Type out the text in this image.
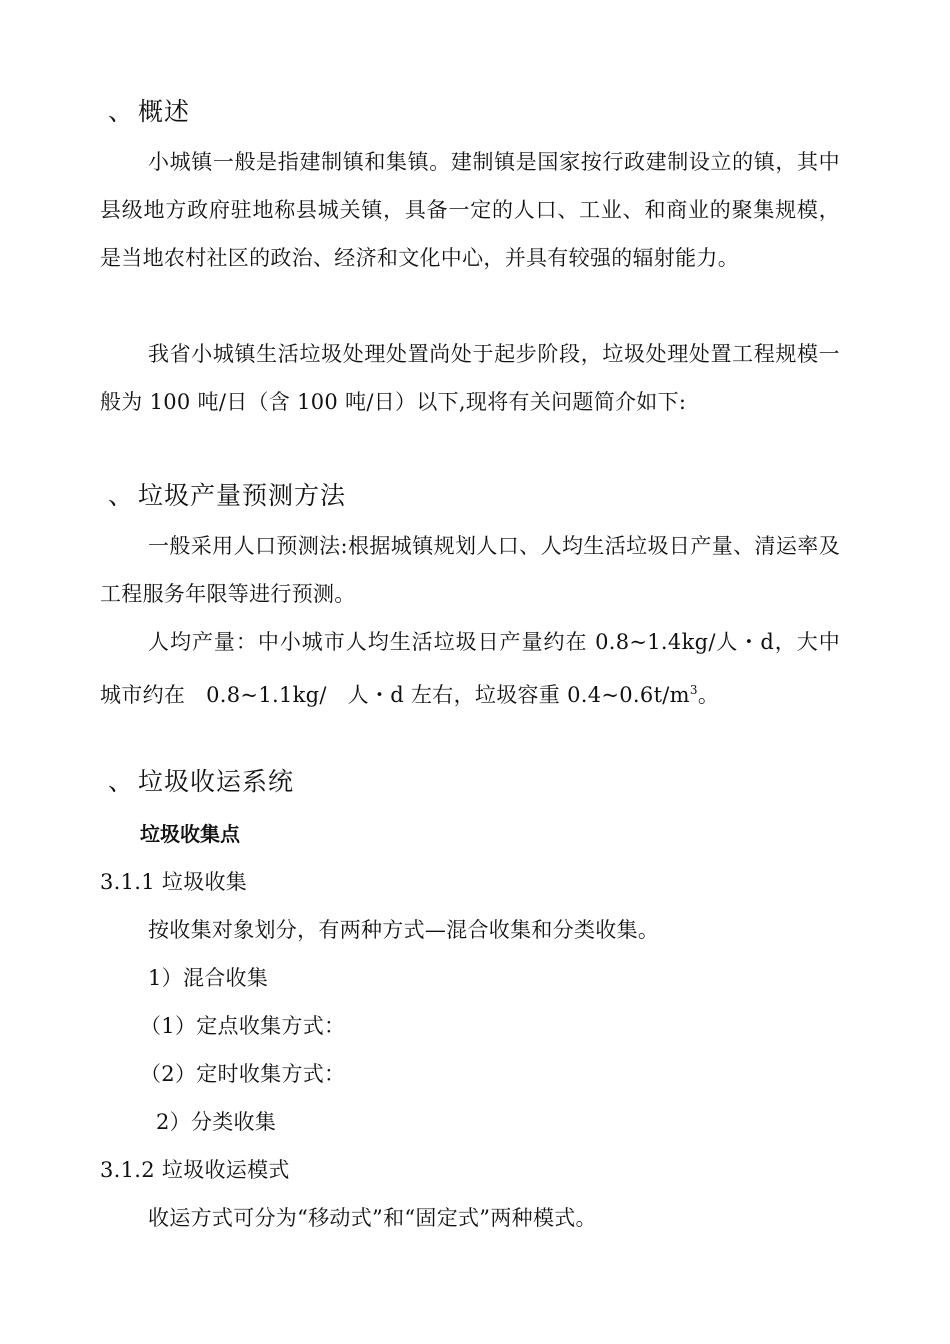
、 概述

小城镇一般是指建制镇和集镇。建制镇是国家按行政建制设立的镇，其中县级地方政府驻地称县城关镇，具备一定的人口、工业、和商业的聚集规模，是当地农村社区的政治、经济和文化中心，并具有较强的辐射能力。

我省小城镇生活垃圾处理处置尚处于起步阶段，垃圾处理处置工程规模一般为 100 吨/日（含 100 吨/日）以下,现将有关问题简介如下:

、 垃圾产量预测方法

一般采用人口预测法:根据城镇规划人口、人均生活垃圾日产量、清运率及工程服务年限等进行预测。

人均产量：中小城市人均生活垃圾日产量约在 0.8~1.4kg/人・d，大中城市约在   0.8~1.1kg/   人・d 左右，垃圾容重 $0.4\sim 0.6t/m^3$。

、 垃圾收运系统
垃圾收集点

3.1.1 垃圾收集

按收集对象划分，有两种方式—混合收集和分类收集。

1）混合收集

（1）定点收集方式：

（2）定时收集方式：

2）分类收集

3.1.2 垃圾收运模式

收运方式可分为“移动式”和“固定式”两种模式。
